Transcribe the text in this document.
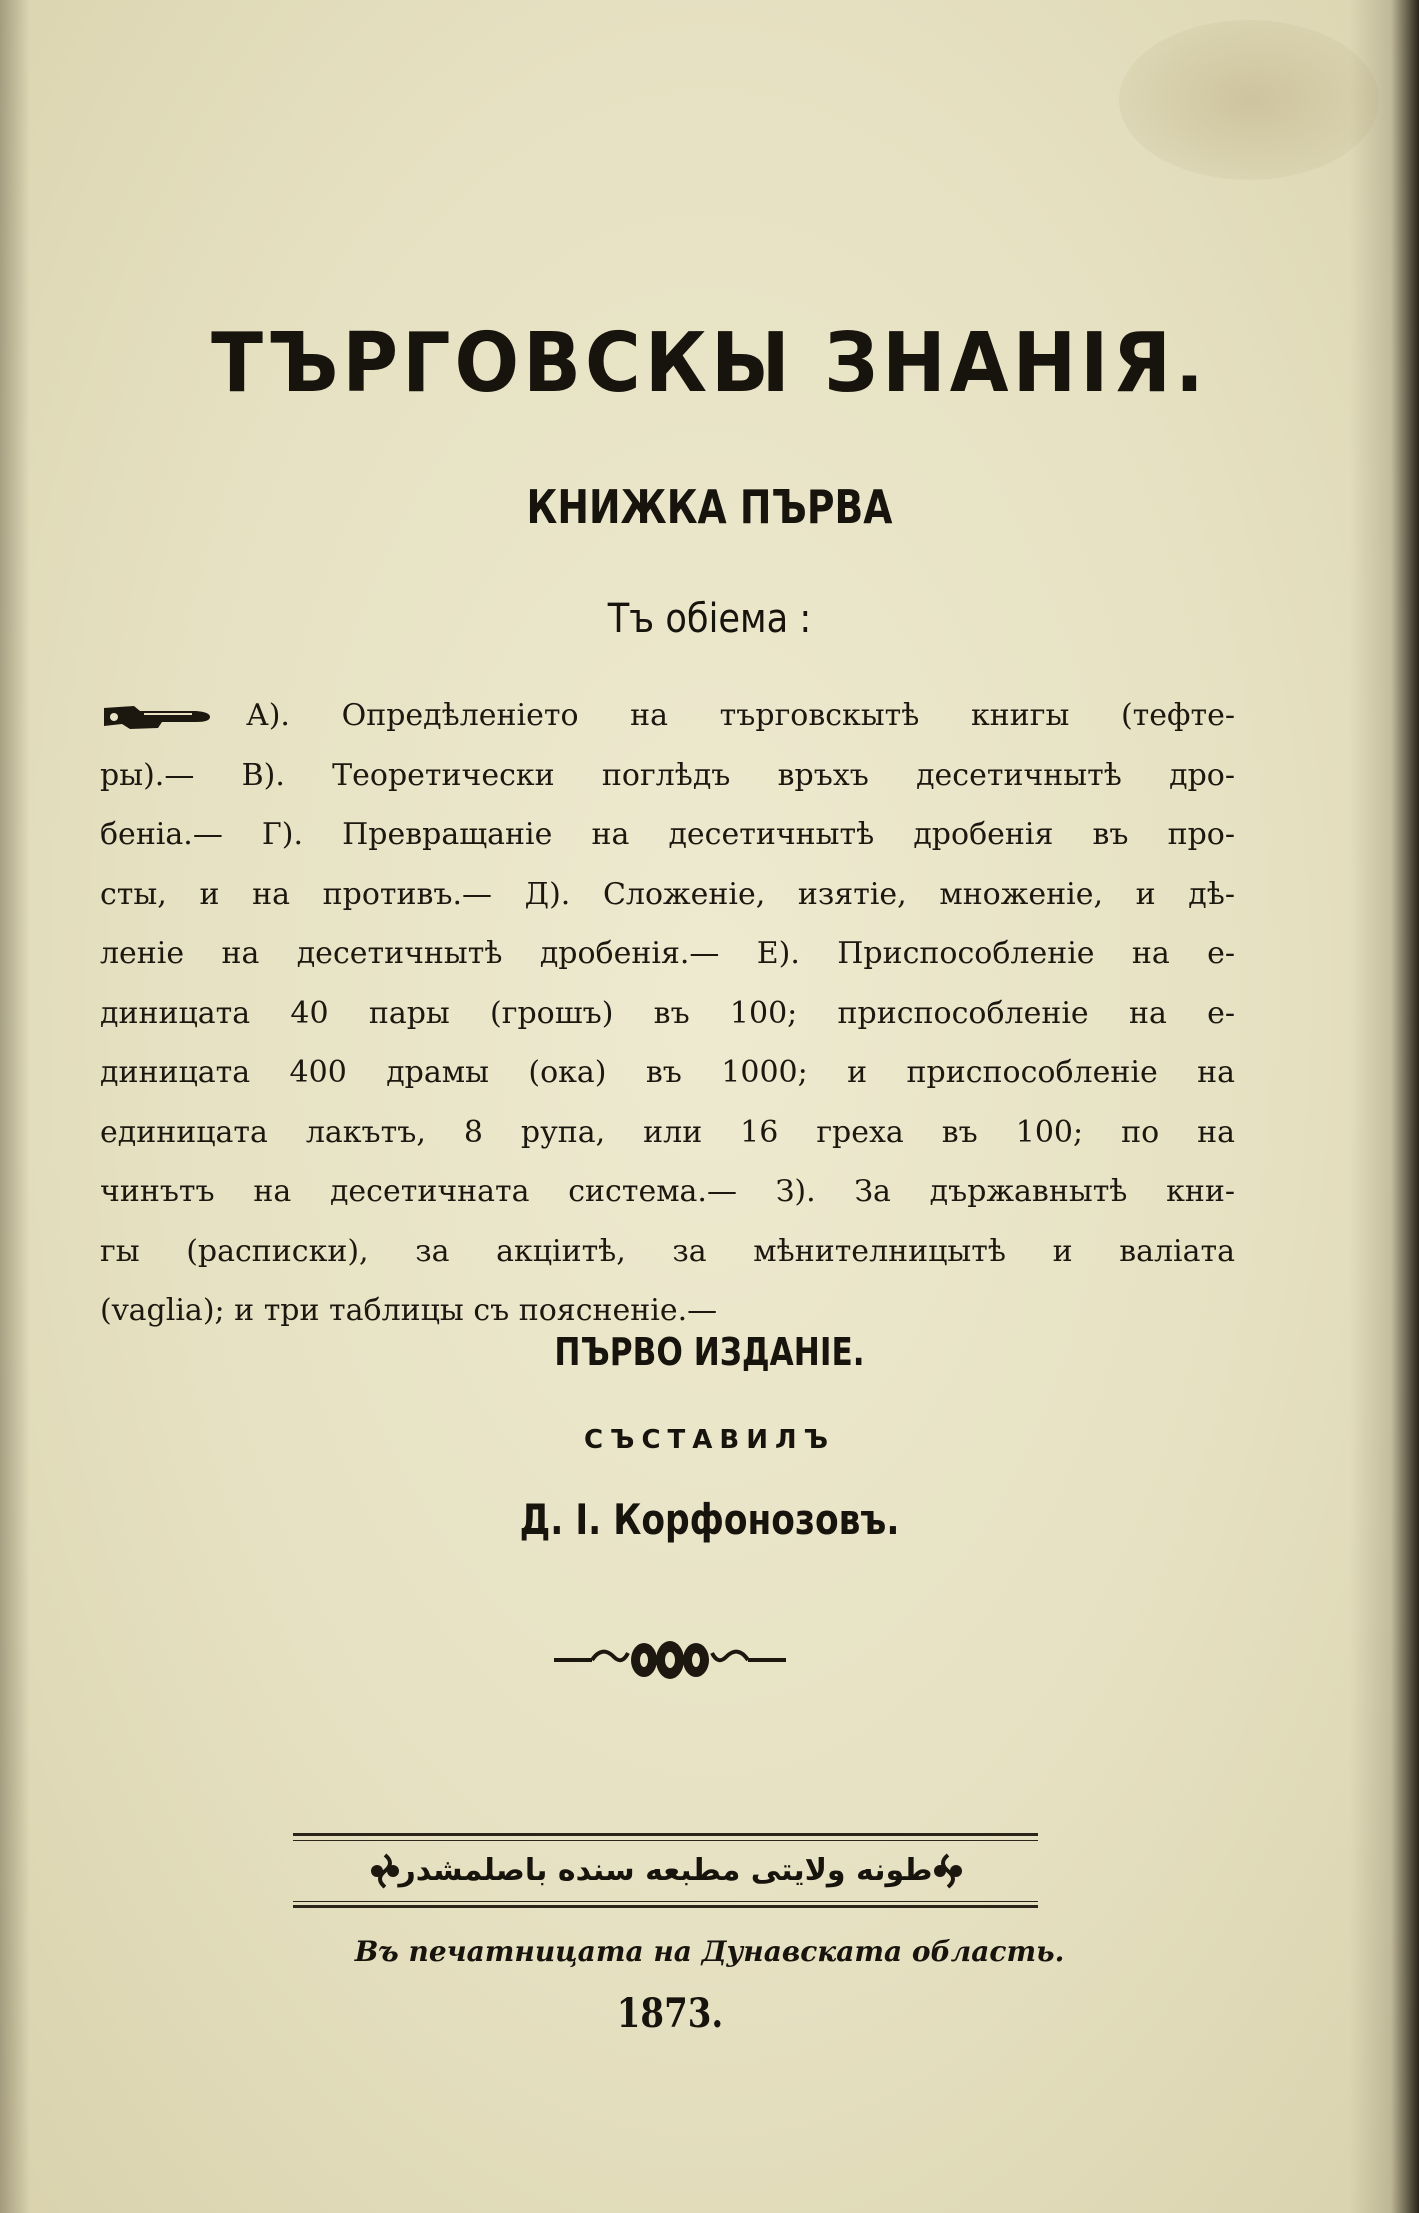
ТЪРГОВСКЫ ЗНАНІЯ.
КНИЖКА ПЪРВА
Тъ обіема :
А). Опредѣленіето на търговскытѣ книгы (тефте-
ры).— В). Теоретически поглѣдъ връхъ десетичнытѣ дро-
беніа.— Г). Превращаніе на десетичнытѣ дробенія въ про-
сты, и на противъ.— Д). Сложеніе, изятіе, множеніе, и дѣ-
леніе на десетичнытѣ дробенія.— Е). Приспособленіе на е-
диницата 40 пары (грошъ) въ 100; приспособленіе на е-
диницата 400 драмы (ока) въ 1000; и приспособленіе на
единицата лакътъ, 8 рупа, или 16 греха въ 100; по на
чинътъ на десетичната система.— З). За държавнытѣ кни-
гы (расписки), за акціитѣ, за мѣнителницытѣ и валіата
(vaglia); и три таблицы съ поясненіе.—
ПЪРВО ИЗДАНІЕ.
СЪСТАВИЛЪ
Д. І. Корфонозовъ.
طونه ولايتى مطبعه سنده باصلمشدر
Въ печатницата на Дунавската область.
1873.
